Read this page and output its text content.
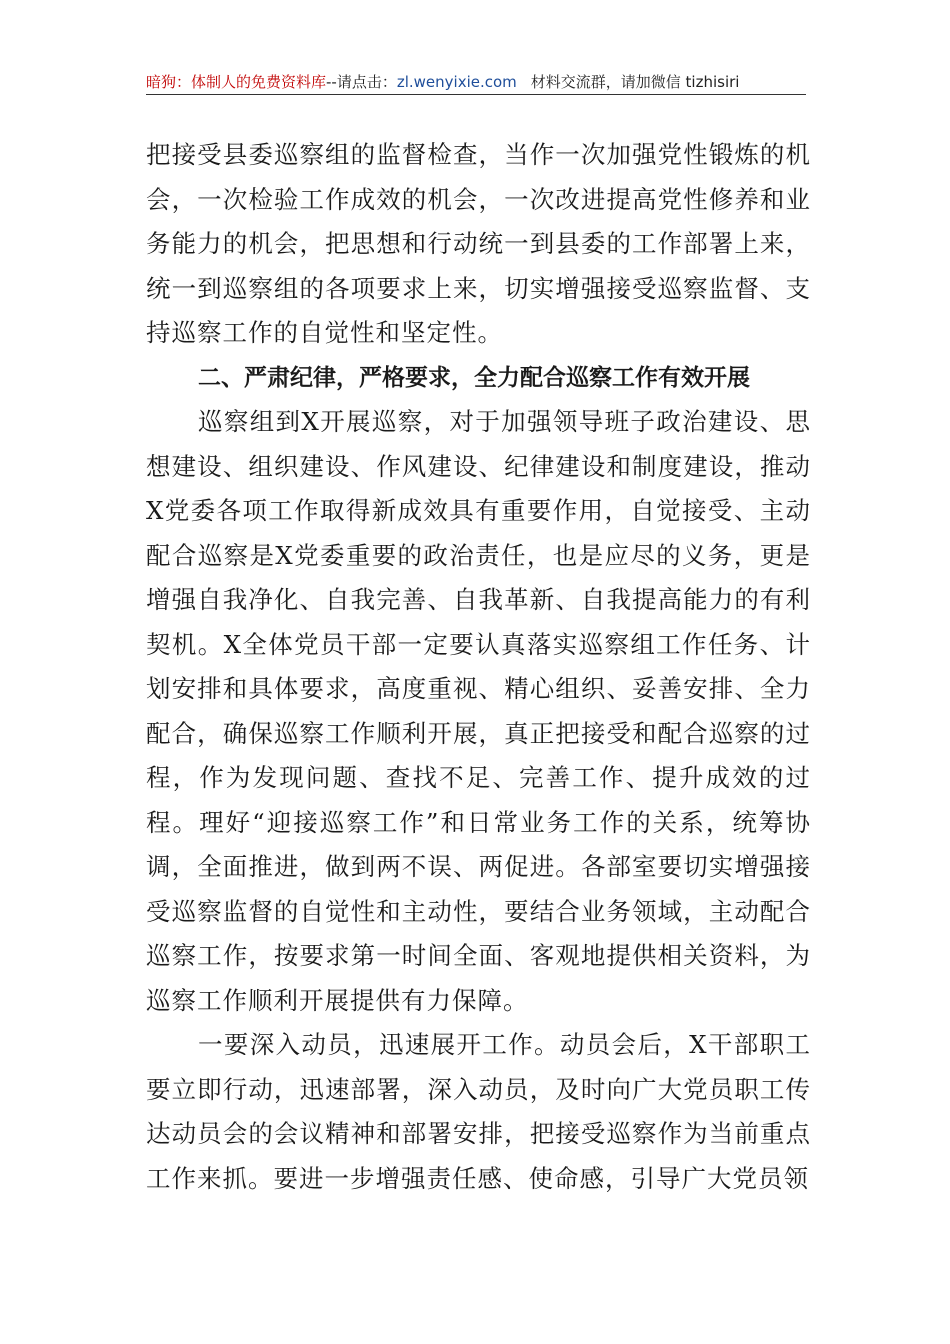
暗狗：体制人的免费资料库--请点击：zl.wenyixie.com 材料交流群，请加微信 tizhisiri

把接受县委巡察组的监督检查，当作一次加强党性锻炼的机会，一次检验工作成效的机会，一次改进提高党性修养和业务能力的机会，把思想和行动统一到县委的工作部署上来，统一到巡察组的各项要求上来，切实增强接受巡察监督、支持巡察工作的自觉性和坚定性。

二、严肃纪律，严格要求，全力配合巡察工作有效开展

巡察组到X开展巡察，对于加强领导班子政治建设、思想建设、组织建设、作风建设、纪律建设和制度建设，推动X党委各项工作取得新成效具有重要作用，自觉接受、主动配合巡察是X党委重要的政治责任，也是应尽的义务，更是增强自我净化、自我完善、自我革新、自我提高能力的有利契机。X全体党员干部一定要认真落实巡察组工作任务、计划安排和具体要求，高度重视、精心组织、妥善安排、全力配合，确保巡察工作顺利开展，真正把接受和配合巡察的过程，作为发现问题、查找不足、完善工作、提升成效的过程。理好“迎接巡察工作”和日常业务工作的关系，统筹协调，全面推进，做到两不误、两促进。各部室要切实增强接受巡察监督的自觉性和主动性，要结合业务领域，主动配合巡察工作，按要求第一时间全面、客观地提供相关资料，为巡察工作顺利开展提供有力保障。

一要深入动员，迅速展开工作。动员会后，X干部职工要立即行动，迅速部署，深入动员，及时向广大党员职工传达动员会的会议精神和部署安排，把接受巡察作为当前重点工作来抓。要进一步增强责任感、使命感，引导广大党员领
